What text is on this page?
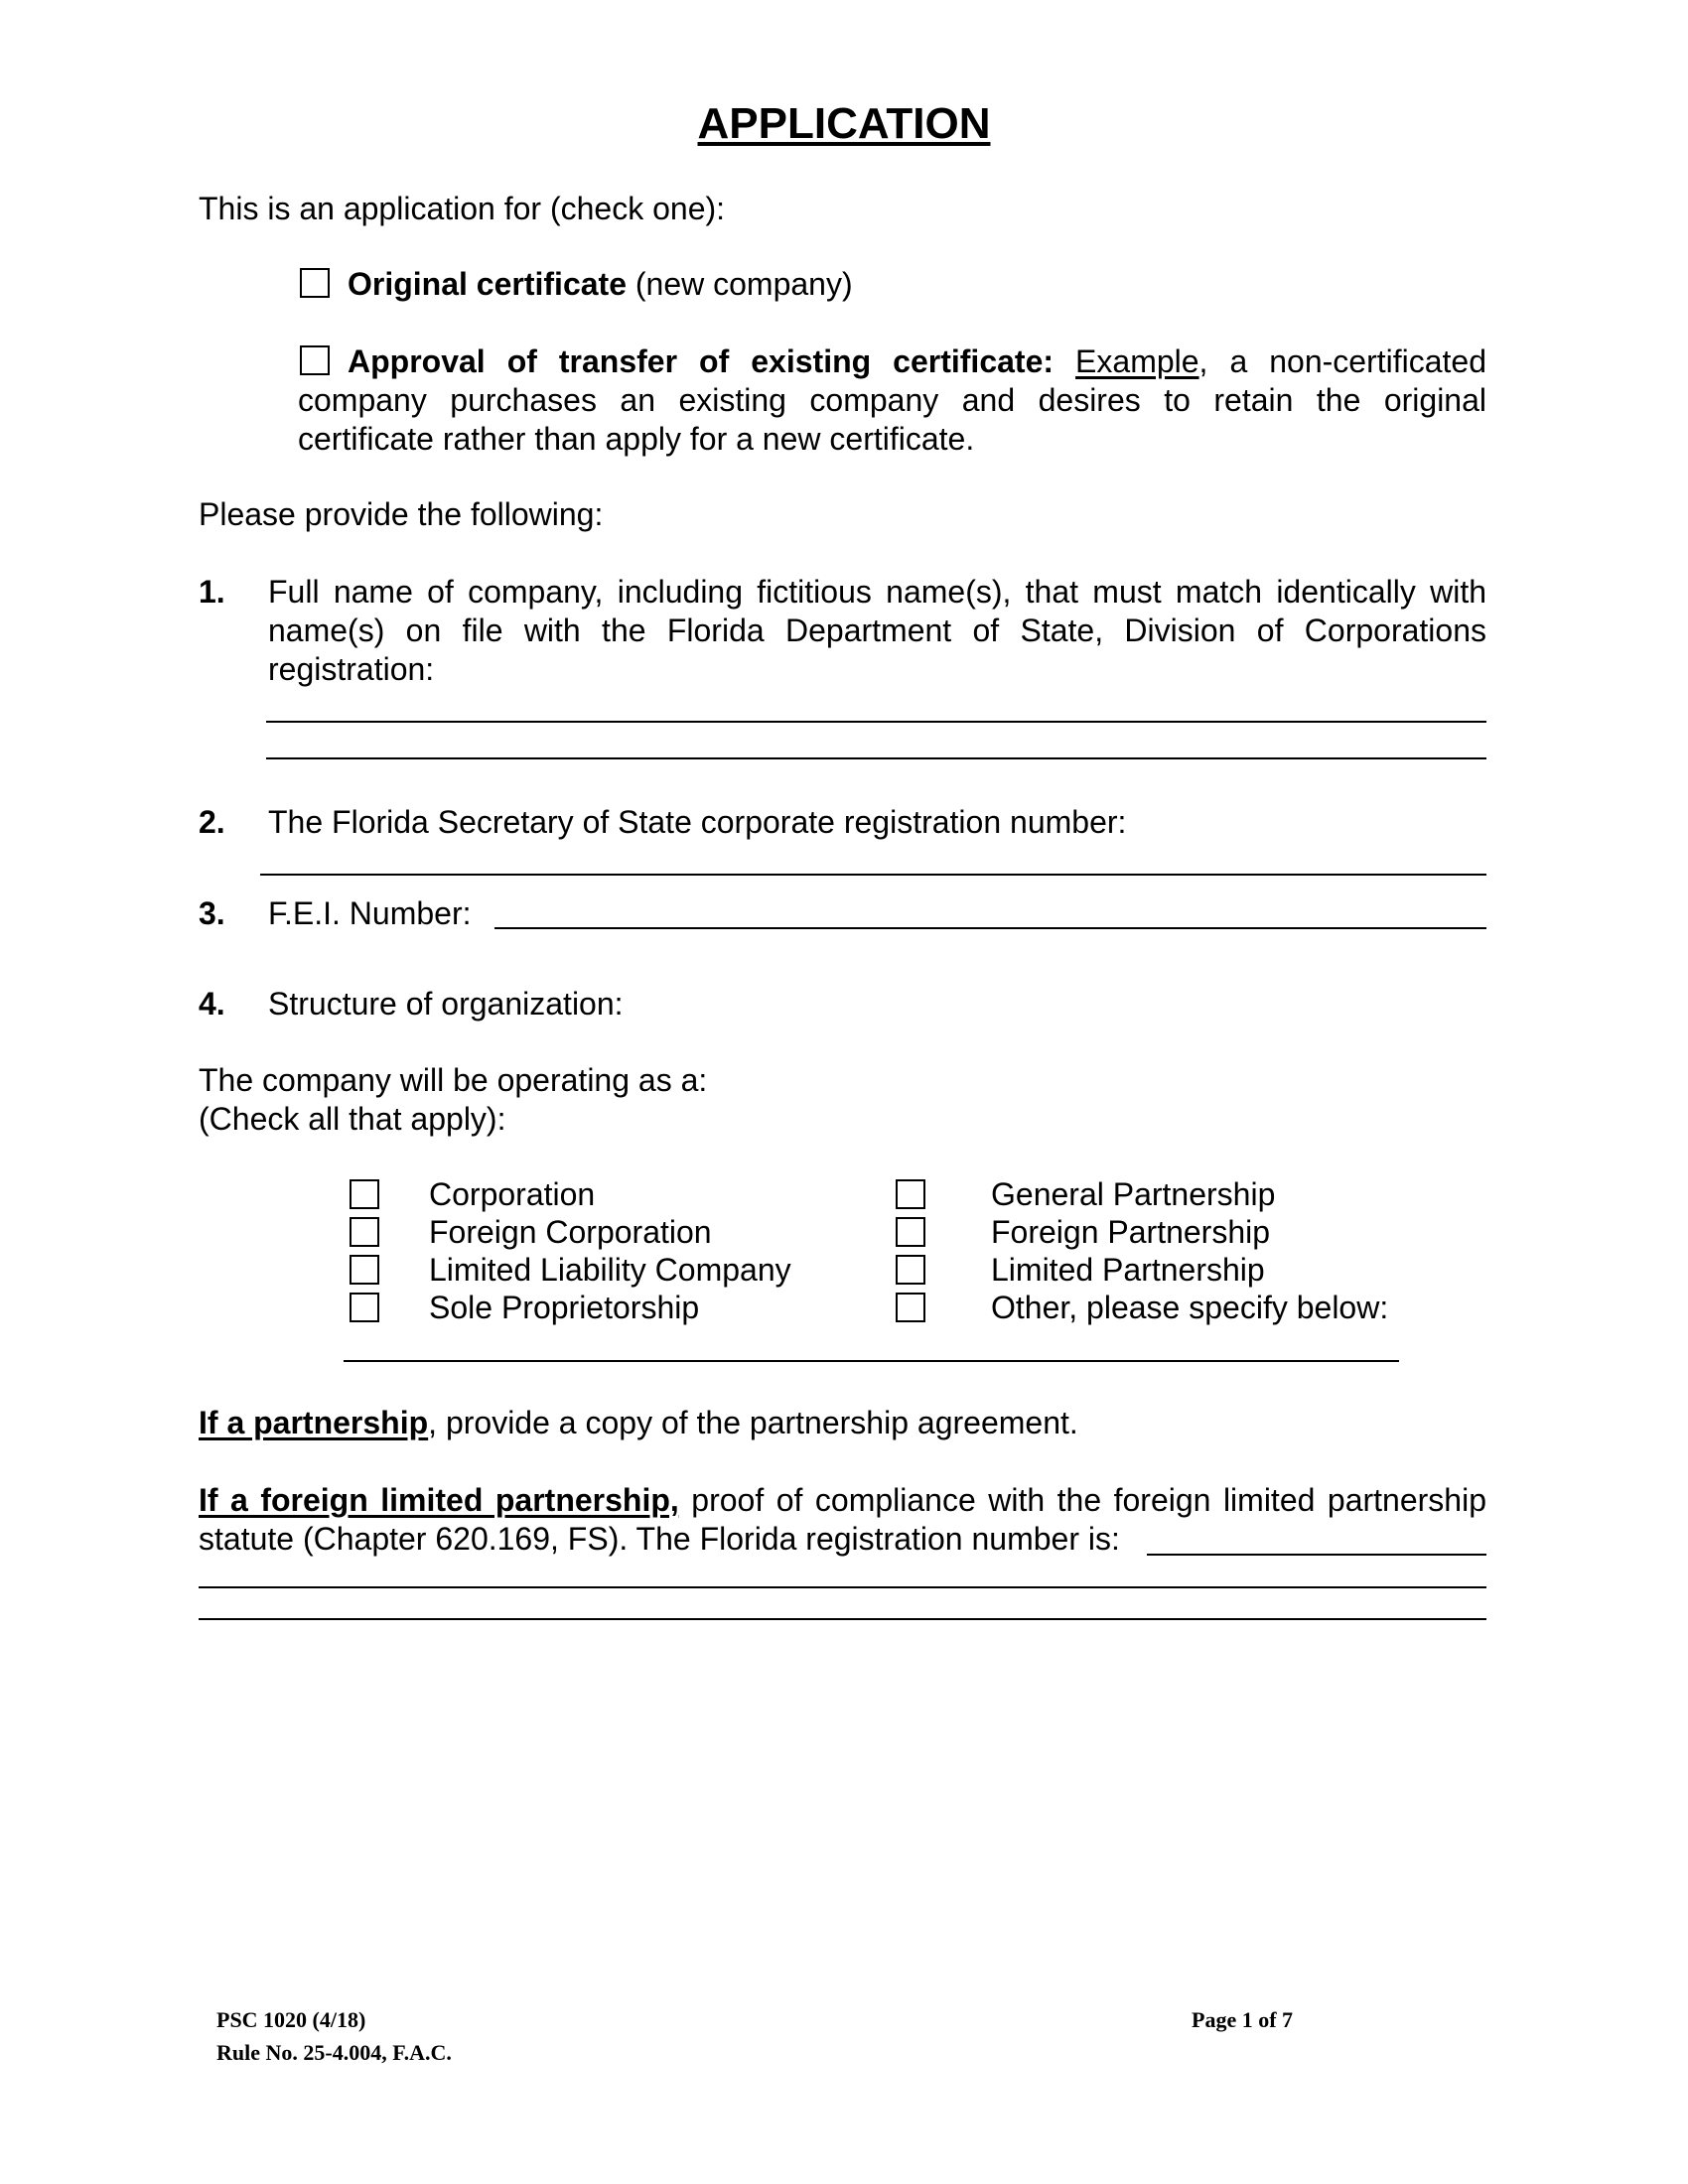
APPLICATION
This is an application for (check one):
Original certificate (new company)
Approval of transfer of existing certificate: Example, a non-certificated
company purchases an existing company and desires to retain the original
certificate rather than apply for a new certificate.
Please provide the following:
1. Full name of company, including fictitious name(s), that must match identically with
name(s) on file with the Florida Department of State, Division of Corporations
registration:
2. The Florida Secretary of State corporate registration number:
3. F.E.I. Number:
4. Structure of organization:
The company will be operating as a:
(Check all that apply):
Corporation
Foreign Corporation
Limited Liability Company
Sole Proprietorship
General Partnership
Foreign Partnership
Limited Partnership
Other, please specify below:
If a partnership, provide a copy of the partnership agreement.
If a foreign limited partnership, proof of compliance with the foreign limited partnership
statute (Chapter 620.169, FS). The Florida registration number is:
PSC 1020 (4/18)
Rule No. 25-4.004, F.A.C.
Page 1 of 7
